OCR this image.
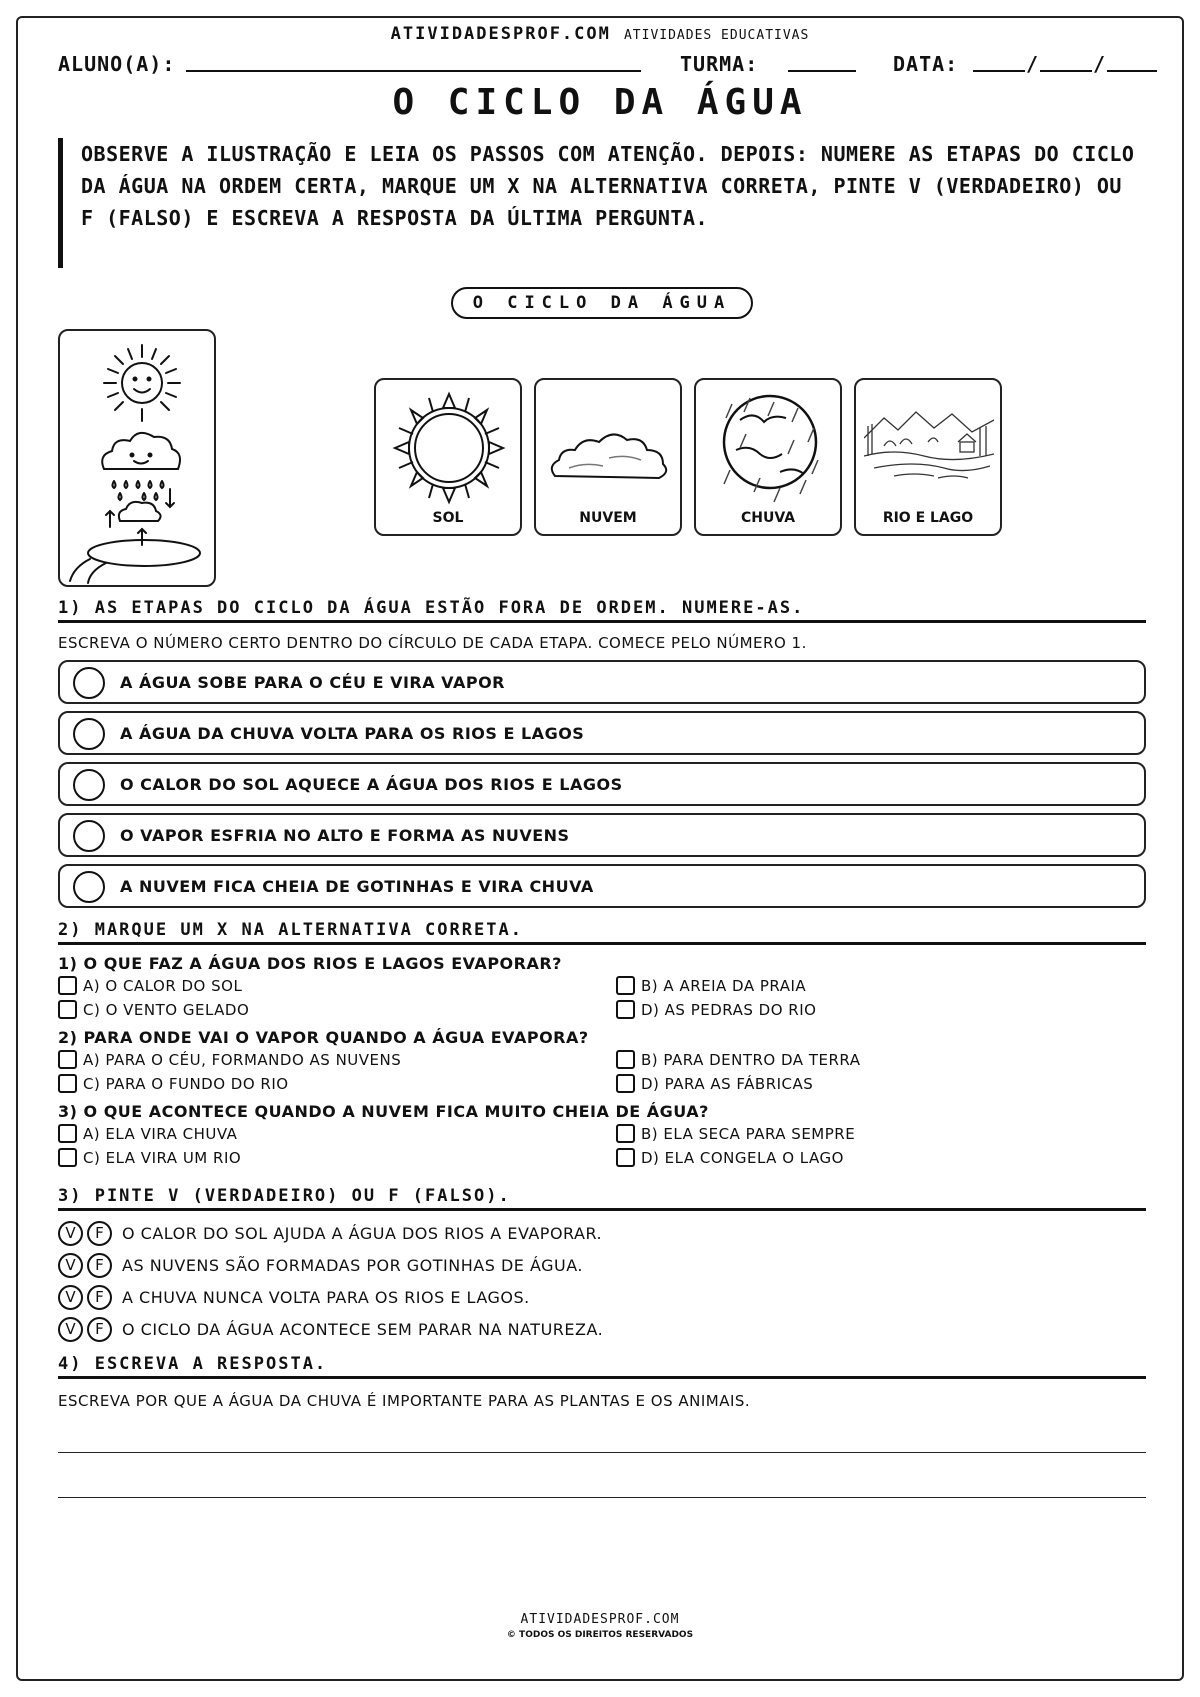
ATIVIDADESPROF.COM ATIVIDADES EDUCATIVAS
ALUNO(A):	TURMA:	DATA:	/	/
O CICLO DA ÁGUA
OBSERVE A ILUSTRAÇÃO E LEIA OS PASSOS COM ATENÇÃO. DEPOIS: NUMERE AS ETAPAS DO CICLO DA ÁGUA NA ORDEM CERTA, MARQUE UM X NA ALTERNATIVA CORRETA, PINTE V (VERDADEIRO) OU F (FALSO) E ESCREVA A RESPOSTA DA ÚLTIMA PERGUNTA.
O CICLO DA ÁGUA
SOL	NUVEM	CHUVA	RIO E LAGO
1) AS ETAPAS DO CICLO DA ÁGUA ESTÃO FORA DE ORDEM. NUMERE-AS.
ESCREVA O NÚMERO CERTO DENTRO DO CÍRCULO DE CADA ETAPA. COMECE PELO NÚMERO 1.
A ÁGUA SOBE PARA O CÉU E VIRA VAPOR
A ÁGUA DA CHUVA VOLTA PARA OS RIOS E LAGOS
O CALOR DO SOL AQUECE A ÁGUA DOS RIOS E LAGOS
O VAPOR ESFRIA NO ALTO E FORMA AS NUVENS
A NUVEM FICA CHEIA DE GOTINHAS E VIRA CHUVA
2) MARQUE UM X NA ALTERNATIVA CORRETA.
1) O QUE FAZ A ÁGUA DOS RIOS E LAGOS EVAPORAR?
A) O CALOR DO SOL	B) A AREIA DA PRAIA
C) O VENTO GELADO	D) AS PEDRAS DO RIO
2) PARA ONDE VAI O VAPOR QUANDO A ÁGUA EVAPORA?
A) PARA O CÉU, FORMANDO AS NUVENS	B) PARA DENTRO DA TERRA
C) PARA O FUNDO DO RIO	D) PARA AS FÁBRICAS
3) O QUE ACONTECE QUANDO A NUVEM FICA MUITO CHEIA DE ÁGUA?
A) ELA VIRA CHUVA	B) ELA SECA PARA SEMPRE
C) ELA VIRA UM RIO	D) ELA CONGELA O LAGO
3) PINTE V (VERDADEIRO) OU F (FALSO).
V	F	O CALOR DO SOL AJUDA A ÁGUA DOS RIOS A EVAPORAR.
V	F	AS NUVENS SÃO FORMADAS POR GOTINHAS DE ÁGUA.
V	F	A CHUVA NUNCA VOLTA PARA OS RIOS E LAGOS.
V	F	O CICLO DA ÁGUA ACONTECE SEM PARAR NA NATUREZA.
4) ESCREVA A RESPOSTA.
ESCREVA POR QUE A ÁGUA DA CHUVA É IMPORTANTE PARA AS PLANTAS E OS ANIMAIS.
ATIVIDADESPROF.COM
© TODOS OS DIREITOS RESERVADOS
